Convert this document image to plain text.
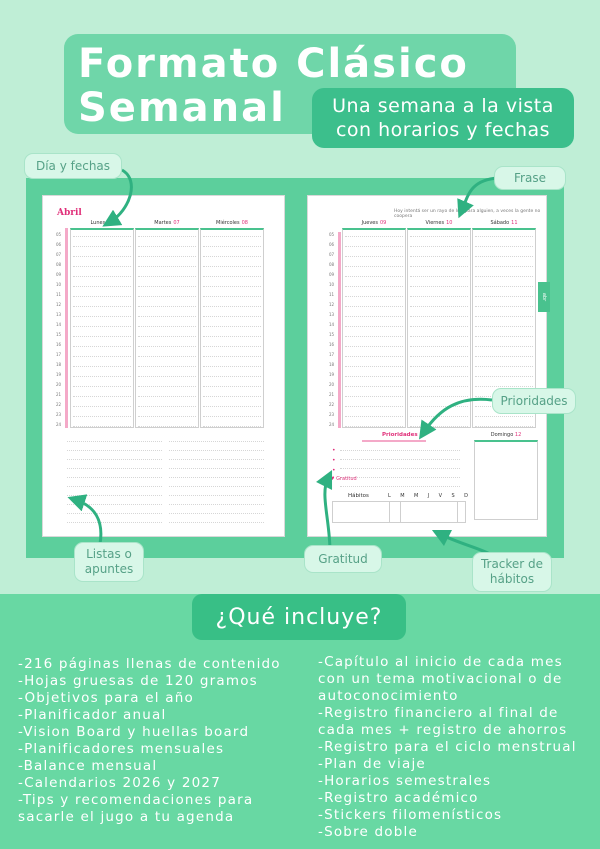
Formato Clásico
Semanal	Una semana a la vista
con horarios y fechas
Abril
Lunes 06	Martes 07	Miércoles 08
05
06
07
08
09
10
11
12
13
14
15
16
17
18
19
20
21
22
23
24
Hoy intentá ser un rayo de luz, para alguien, a veces la gente no coopera
Jueves 09	Viernes 10	Sábado 11
05
06
07
08
09
10
11
12
13
14
15
16
17
18
19
20
21
22
23
24
abr
Prioridades
•
•
•
♥ Gratitud
Hábitos	L M M J V S D
Domingo 12
Día y fechas
Frase
Prioridades
Listas o
apuntes
Gratitud	Tracker de
hábitos
¿Qué incluye?
-216 páginas llenas de contenido
-Hojas gruesas de 120 gramos
-Objetivos para el año
-Planificador anual
-Vision Board y huellas board
-Planificadores mensuales
-Balance mensual
-Calendarios 2026 y 2027
-Tips y recomendaciones para
sacarle el jugo a tu agenda
-Capítulo al inicio de cada mes
con un tema motivacional o de
autoconocimiento
-Registro financiero al final de
cada mes + registro de ahorros
-Registro para el ciclo menstrual
-Plan de viaje
-Horarios semestrales
-Registro académico
-Stickers filomenísticos
-Sobre doble
